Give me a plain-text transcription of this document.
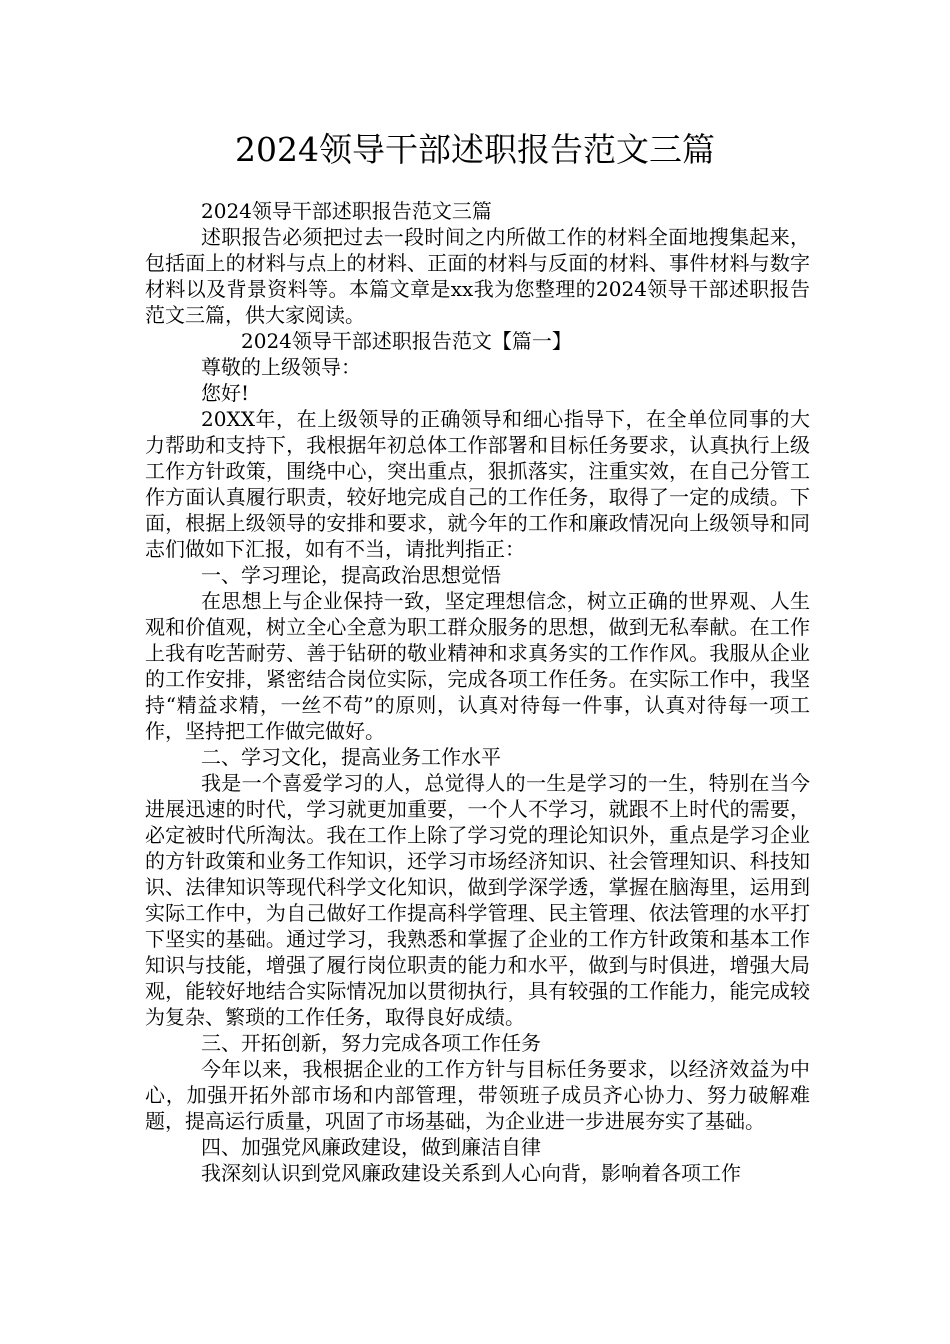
2024领导干部述职报告范文三篇

2024领导干部述职报告范文三篇

述职报告必须把过去一段时间之内所做工作的材料全面地搜集起来，包括面上的材料与点上的材料、正面的材料与反面的材料、事件材料与数字材料以及背景资料等。本篇文章是xx我为您整理的2024领导干部述职报告范文三篇，供大家阅读。

2024领导干部述职报告范文【篇一】

尊敬的上级领导：

您好!

20XX年，在上级领导的正确领导和细心指导下，在全单位同事的大力帮助和支持下，我根据年初总体工作部署和目标任务要求，认真执行上级工作方针政策，围绕中心，突出重点，狠抓落实，注重实效，在自己分管工作方面认真履行职责，较好地完成自己的工作任务，取得了一定的成绩。下面，根据上级领导的安排和要求，就今年的工作和廉政情况向上级领导和同志们做如下汇报，如有不当，请批判指正：

一、学习理论，提高政治思想觉悟

在思想上与企业保持一致，坚定理想信念，树立正确的世界观、人生观和价值观，树立全心全意为职工群众服务的思想，做到无私奉献。在工作上我有吃苦耐劳、善于钻研的敬业精神和求真务实的工作作风。我服从企业的工作安排，紧密结合岗位实际，完成各项工作任务。在实际工作中，我坚持“精益求精，一丝不苟”的原则，认真对待每一件事，认真对待每一项工作，坚持把工作做完做好。

二、学习文化，提高业务工作水平

我是一个喜爱学习的人，总觉得人的一生是学习的一生，特别在当今进展迅速的时代，学习就更加重要，一个人不学习，就跟不上时代的需要，必定被时代所淘汰。我在工作上除了学习党的理论知识外，重点是学习企业的方针政策和业务工作知识，还学习市场经济知识、社会管理知识、科技知识、法律知识等现代科学文化知识，做到学深学透，掌握在脑海里，运用到实际工作中，为自己做好工作提高科学管理、民主管理、依法管理的水平打下坚实的基础。通过学习，我熟悉和掌握了企业的工作方针政策和基本工作知识与技能，增强了履行岗位职责的能力和水平，做到与时俱进，增强大局观，能较好地结合实际情况加以贯彻执行，具有较强的工作能力，能完成较为复杂、繁琐的工作任务，取得良好成绩。

三、开拓创新，努力完成各项工作任务

今年以来，我根据企业的工作方针与目标任务要求，以经济效益为中心，加强开拓外部市场和内部管理，带领班子成员齐心协力、努力破解难题，提高运行质量，巩固了市场基础，为企业进一步进展夯实了基础。

四、加强党风廉政建设，做到廉洁自律

我深刻认识到党风廉政建设关系到人心向背，影响着各项工作
